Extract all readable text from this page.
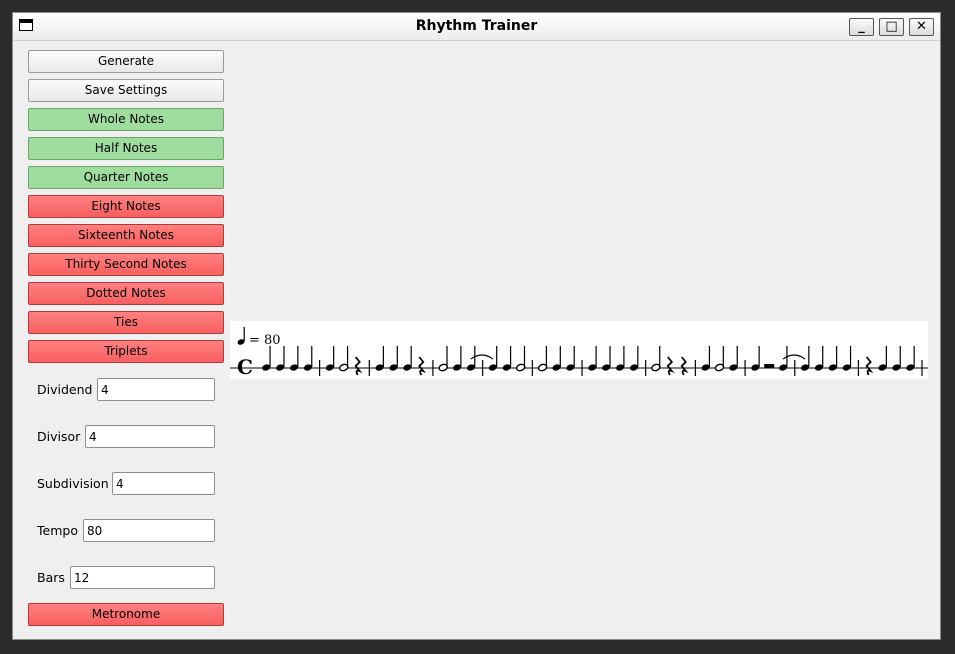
Rhythm Trainer	_	□	✕
Generate
Save Settings
Whole Notes
Half Notes
Quarter Notes
Eight Notes
Sixteenth Notes
Thirty Second Notes
Dotted Notes
Ties
Triplets
Dividend
4
Divisor
4
Subdivision
4
Tempo
80
Bars
12
Metronome
= 80
C
